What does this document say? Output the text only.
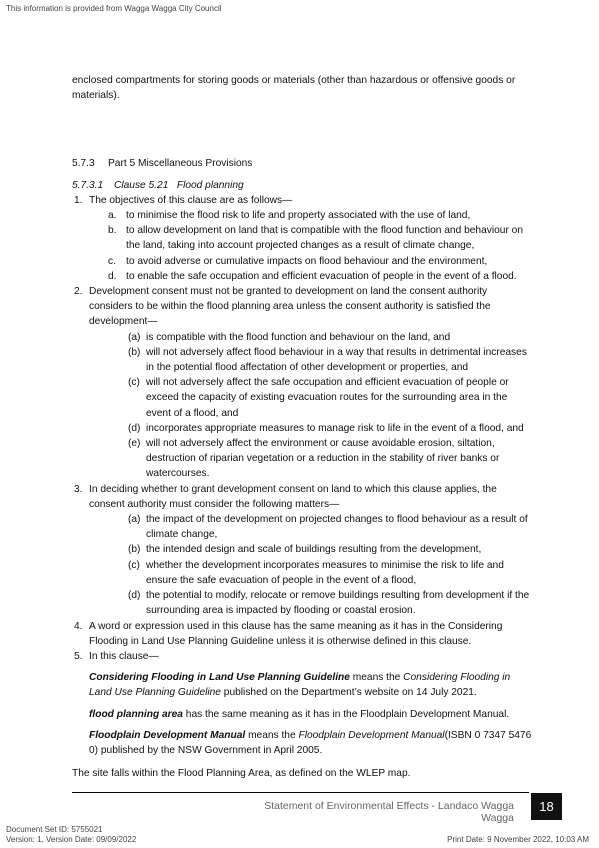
This information is provided from Wagga Wagga City Council

enclosed compartments for storing goods or materials (other than hazardous or offensive goods or materials).

5.7.3 Part 5 Miscellaneous Provisions
5.7.3.1 Clause 5.21   Flood planning
1. The objectives of this clause are as follows—
a. to minimise the flood risk to life and property associated with the use of land,
b. to allow development on land that is compatible with the flood function and behaviour on the land, taking into account projected changes as a result of climate change,
c. to avoid adverse or cumulative impacts on flood behaviour and the environment,
d. to enable the safe occupation and efficient evacuation of people in the event of a flood.
2. Development consent must not be granted to development on land the consent authority considers to be within the flood planning area unless the consent authority is satisfied the development—
(a) is compatible with the flood function and behaviour on the land, and
(b) will not adversely affect flood behaviour in a way that results in detrimental increases in the potential flood affectation of other development or properties, and
(c) will not adversely affect the safe occupation and efficient evacuation of people or exceed the capacity of existing evacuation routes for the surrounding area in the event of a flood, and
(d) incorporates appropriate measures to manage risk to life in the event of a flood, and
(e) will not adversely affect the environment or cause avoidable erosion, siltation, destruction of riparian vegetation or a reduction in the stability of river banks or watercourses.
3. In deciding whether to grant development consent on land to which this clause applies, the consent authority must consider the following matters—
(a) the impact of the development on projected changes to flood behaviour as a result of climate change,
(b) the intended design and scale of buildings resulting from the development,
(c) whether the development incorporates measures to minimise the risk to life and ensure the safe evacuation of people in the event of a flood,
(d) the potential to modify, relocate or remove buildings resulting from development if the surrounding area is impacted by flooding or coastal erosion.
4. A word or expression used in this clause has the same meaning as it has in the Considering Flooding in Land Use Planning Guideline unless it is otherwise defined in this clause.
5. In this clause—

Considering Flooding in Land Use Planning Guideline means the Considering Flooding in Land Use Planning Guideline published on the Department’s website on 14 July 2021.

flood planning area has the same meaning as it has in the Floodplain Development Manual.

Floodplain Development Manual means the Floodplain Development Manual(ISBN 0 7347 5476 0) published by the NSW Government in April 2005.

The site falls within the Flood Planning Area, as defined on the WLEP map.

Statement of Environmental Effects - Landaco Wagga Wagga
18
Document Set ID: 5755021
Version: 1, Version Date: 09/09/2022	Print Date: 9 November 2022, 10:03 AM
